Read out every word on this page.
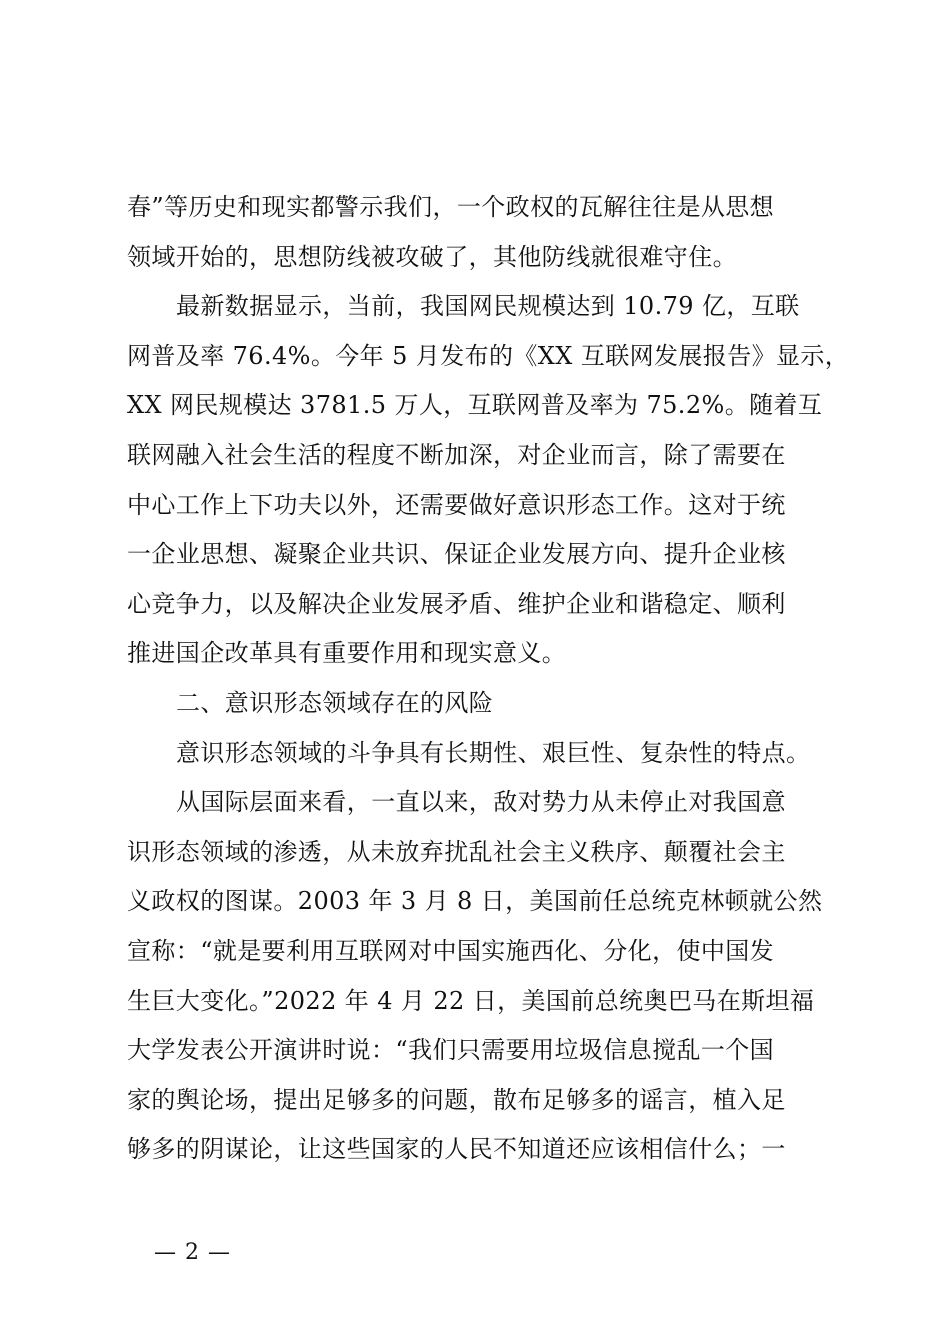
春”等历史和现实都警示我们，一个政权的瓦解往往是从思想
领域开始的，思想防线被攻破了，其他防线就很难守住。
最新数据显示，当前，我国网民规模达到 10.79 亿，互联
网普及率 76.4%。今年 5 月发布的《XX 互联网发展报告》显示，
XX 网民规模达 3781.5 万人，互联网普及率为 75.2%。随着互
联网融入社会生活的程度不断加深，对企业而言，除了需要在
中心工作上下功夫以外，还需要做好意识形态工作。这对于统
一企业思想、凝聚企业共识、保证企业发展方向、提升企业核
心竞争力，以及解决企业发展矛盾、维护企业和谐稳定、顺利
推进国企改革具有重要作用和现实意义。
二、意识形态领域存在的风险
意识形态领域的斗争具有长期性、艰巨性、复杂性的特点。
从国际层面来看，一直以来，敌对势力从未停止对我国意
识形态领域的渗透，从未放弃扰乱社会主义秩序、颠覆社会主
义政权的图谋。2003 年 3 月 8 日，美国前任总统克林顿就公然
宣称：“就是要利用互联网对中国实施西化、分化，使中国发
生巨大变化。”2022 年 4 月 22 日，美国前总统奥巴马在斯坦福
大学发表公开演讲时说：“我们只需要用垃圾信息搅乱一个国
家的舆论场，提出足够多的问题，散布足够多的谣言，植入足
够多的阴谋论，让这些国家的人民不知道还应该相信什么；一
— 2 —
